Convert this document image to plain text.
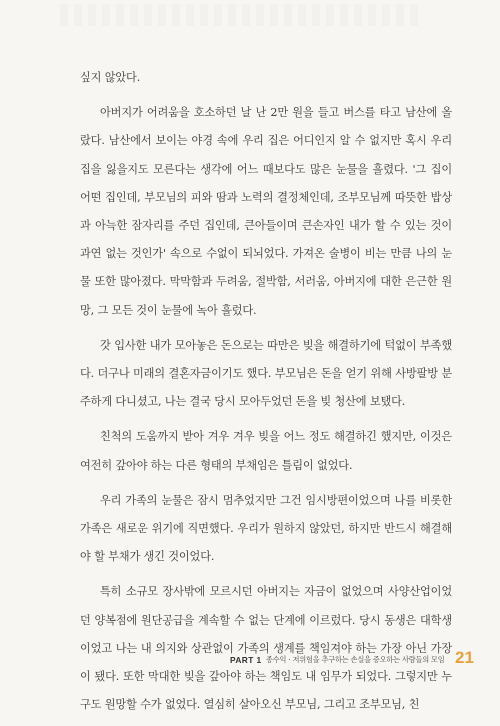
싶지 않았다.

아버지가 어려움을 호소하던 날 난 2만 원을 들고 버스를 타고 남산에 올랐다. 남산에서 보이는 야경 속에 우리 집은 어디인지 알 수 없지만 혹시 우리 집을 잃을지도 모른다는 생각에 어느 때보다도 많은 눈물을 흘렸다. '그 집이 어떤 집인데, 부모님의 피와 땀과 노력의 결정체인데, 조부모님께 따뜻한 밥상과 아늑한 잠자리를 주던 집인데, 큰아들이며 큰손자인 내가 할 수 있는 것이 과연 없는 것인가' 속으로 수없이 되뇌었다. 가져온 술병이 비는 만큼 나의 눈물 또한 많아졌다. 막막함과 두려움, 절박함, 서러움, 아버지에 대한 은근한 원망, 그 모든 것이 눈물에 녹아 흘렀다.

갓 입사한 내가 모아놓은 돈으로는 따만은 빚을 해결하기에 턱없이 부족했다. 더구나 미래의 결혼자금이기도 했다. 부모님은 돈을 얻기 위해 사방팔방 분주하게 다니셨고, 나는 결국 당시 모아두었던 돈을 빚 청산에 보탰다.

친척의 도움까지 받아 겨우 겨우 빚을 어느 정도 해결하긴 했지만, 이것은 여전히 갚아야 하는 다른 형태의 부채임은 틀림이 없었다.

우리 가족의 눈물은 잠시 멈추었지만 그건 임시방편이었으며 나를 비롯한 가족은 새로운 위기에 직면했다. 우리가 원하지 않았던, 하지만 반드시 해결해야 할 부채가 생긴 것이었다.

특히 소규모 장사밖에 모르시던 아버지는 자금이 없었으며 사양산업이었던 양복점에 원단공급을 계속할 수 없는 단계에 이르렀다. 당시 동생은 대학생이었고 나는 내 의지와 상관없이 가족의 생계를 책임져야 하는 가장 아닌 가장이 됐다. 또한 막대한 빚을 갚아야 하는 책임도 내 임무가 되었다. 그렇지만 누구도 원망할 수가 없었다. 열심히 살아오신 부모님, 그리고 조부모님, 친

PART 1 종수익 · 저위험을 추구하는 손실을 증오하는 사람들의 모임 21
